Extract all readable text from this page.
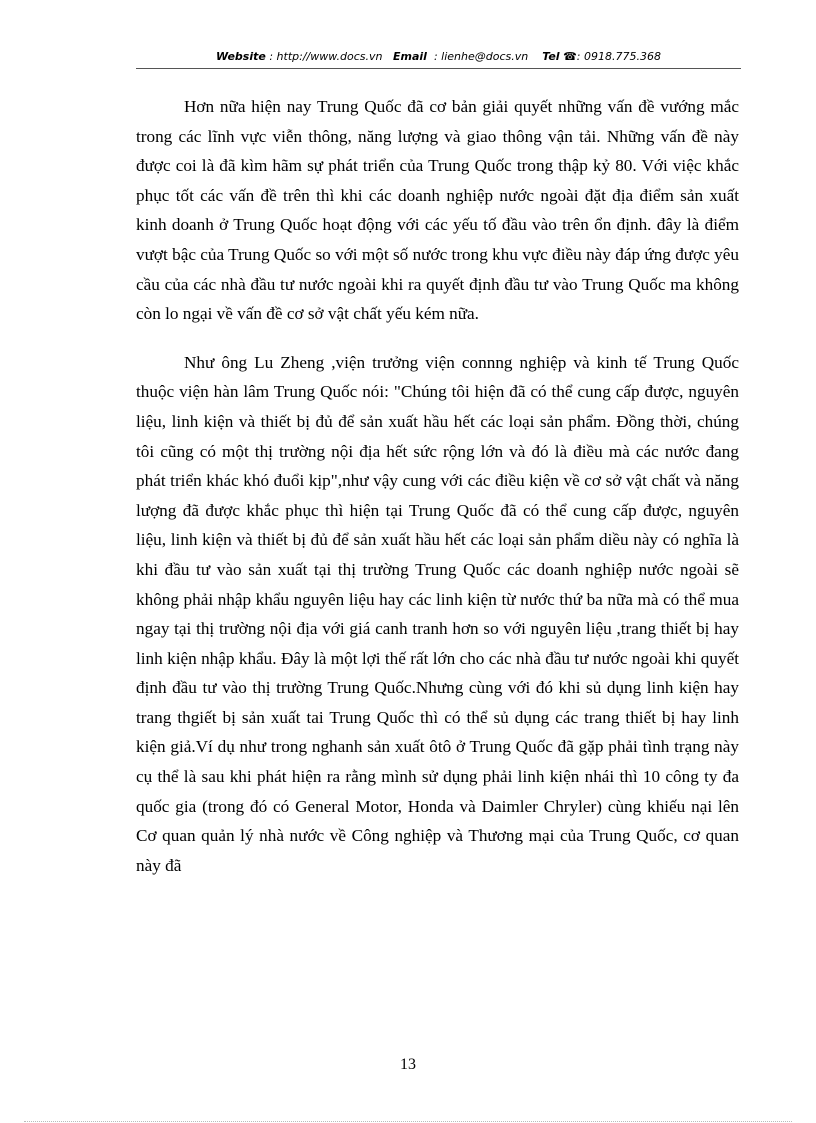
Website : http://www.docs.vn Email : lienhe@docs.vn Tel ☎: 0918.775.368

Hơn nữa hiện nay Trung Quốc đã cơ bản giải quyết những vấn đề vướng mắc trong các lĩnh vực viễn thông, năng lượng và giao thông vận tải. Những vấn đề này được coi là đã kìm hãm sự phát triển của Trung Quốc trong thập kỷ 80. Với việc khắc phục tốt các vấn đề trên thì khi các doanh nghiệp nước ngoài đặt địa điểm sản xuất kinh doanh ở Trung Quốc hoạt động với các yếu tố đầu vào trên ổn định. đây là điểm vượt bậc của Trung Quốc so với một số nước trong khu vực điều này đáp ứng được yêu cầu của các nhà đầu tư nước ngoài khi ra quyết định đầu tư vào Trung Quốc ma không còn lo ngại về vấn đề cơ sở vật chất yếu kém nữa.

Như ông Lu Zheng ,viện trưởng viện connng nghiệp và kinh tế Trung Quốc thuộc viện hàn lâm Trung Quốc nói: "Chúng tôi hiện đã có thể cung cấp được, nguyên liệu, linh kiện và thiết bị đủ để sản xuất hầu hết các loại sản phẩm. Đồng thời, chúng tôi cũng có một thị trường nội địa hết sức rộng lớn và đó là điều mà các nước đang phát triển khác khó đuổi kịp",như vậy cung với các điều kiện về cơ sở vật chất và năng lượng đã được khắc phục thì hiện tại Trung Quốc đã có thể cung cấp được, nguyên liệu, linh kiện và thiết bị đủ để sản xuất hầu hết các loại sản phẩm diều này có nghĩa là khi đầu tư vào sản xuất tại thị trường Trung Quốc các doanh nghiệp nước ngoài sẽ không phải nhập khẩu nguyên liệu hay các linh kiện từ nước thứ ba nữa mà có thể mua ngay tại thị trường nội địa với giá canh tranh hơn so với nguyên liệu ,trang thiết bị hay linh kiện nhập khẩu. Đây là một lợi thế rất lớn cho các nhà đầu tư nước ngoài khi quyết định đầu tư vào thị trường Trung Quốc.Nhưng cùng với đó khi sủ dụng linh kiện hay trang thgiết bị sản xuất tai Trung Quốc thì có thể sủ dụng các trang thiết bị hay linh kiện giả.Ví dụ như trong nghanh sản xuất ôtô ở Trung Quốc đã gặp phải tình trạng này cụ thể là sau khi phát hiện ra rằng mình sử dụng phải linh kiện nhái thì 10 công ty đa quốc gia (trong đó có General Motor, Honda và Daimler Chryler) cùng khiếu nại lên Cơ quan quản lý nhà nước về Công nghiệp và Thương mại của Trung Quốc, cơ quan này đã

13
